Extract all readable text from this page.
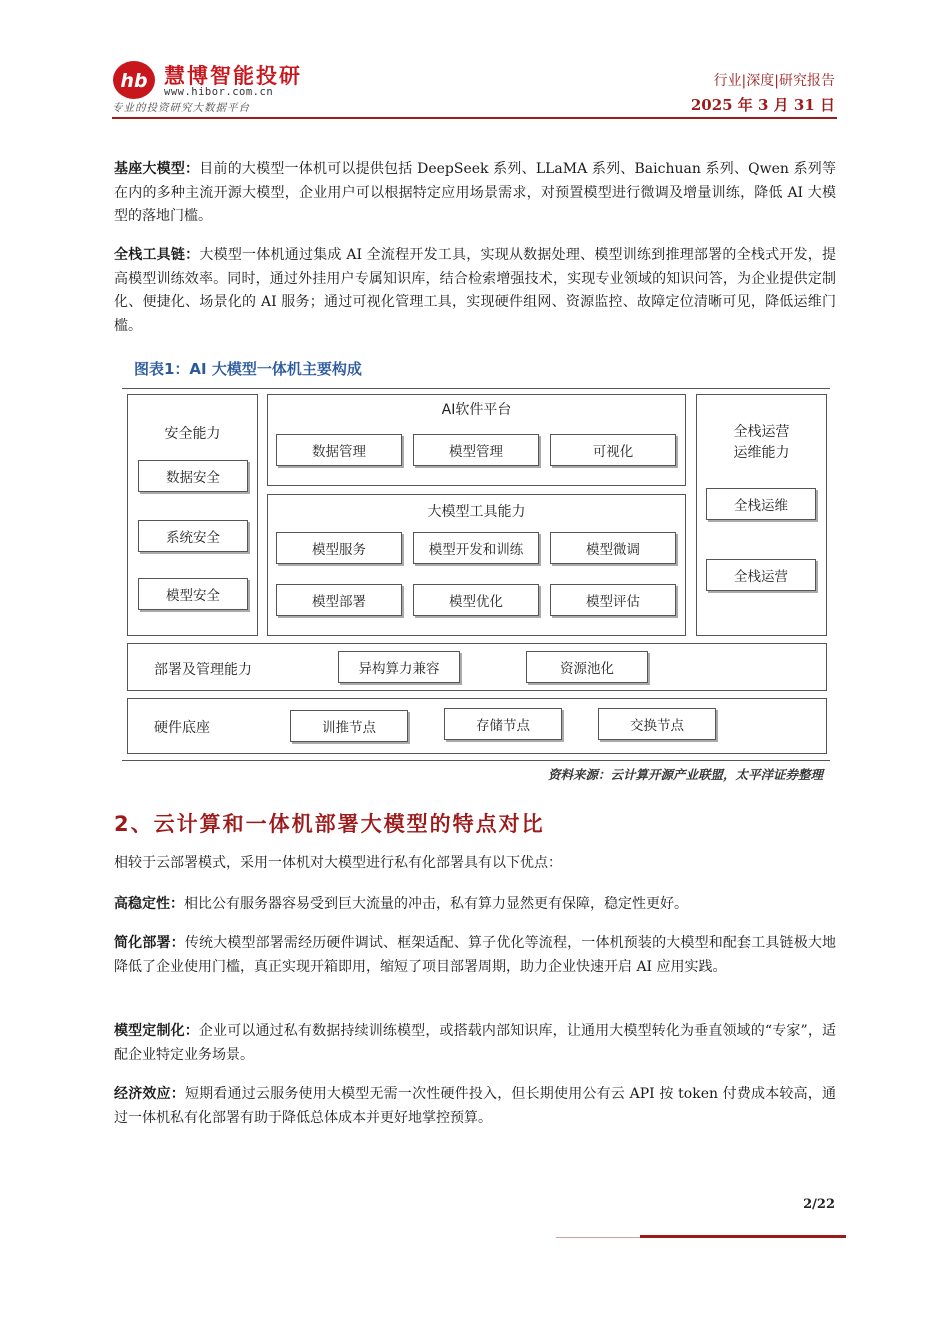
hb 慧博智能投研
www.hibor.com.cn
专业的投资研究大数据平台
行业|深度|研究报告
2025 年 3 月 31 日
基座大模型：目前的大模型一体机可以提供包括 DeepSeek 系列、LLaMA 系列、Baichuan 系列、Qwen 系列等在内的多种主流开源大模型，企业用户可以根据特定应用场景需求，对预置模型进行微调及增量训练，降低 AI 大模型的落地门槛。
全栈工具链：大模型一体机通过集成 AI 全流程开发工具，实现从数据处理、模型训练到推理部署的全栈式开发，提高模型训练效率。同时，通过外挂用户专属知识库，结合检索增强技术，实现专业领域的知识问答，为企业提供定制化、便捷化、场景化的 AI 服务；通过可视化管理工具，实现硬件组网、资源监控、故障定位清晰可见，降低运维门槛。
图表1：AI 大模型一体机主要构成
安全能力
数据安全
系统安全
模型安全
AI软件平台
数据管理	模型管理	可视化
大模型工具能力
模型服务	模型开发和训练	模型微调
模型部署	模型优化	模型评估
全栈运营
运维能力
全栈运维
全栈运营
部署及管理能力	异构算力兼容	资源池化
硬件底座	训推节点	存储节点	交换节点
资料来源：云计算开源产业联盟，太平洋证券整理
2、云计算和一体机部署大模型的特点对比
相较于云部署模式，采用一体机对大模型进行私有化部署具有以下优点：
高稳定性：相比公有服务器容易受到巨大流量的冲击，私有算力显然更有保障，稳定性更好。
简化部署：传统大模型部署需经历硬件调试、框架适配、算子优化等流程，一体机预装的大模型和配套工具链极大地降低了企业使用门槛，真正实现开箱即用，缩短了项目部署周期，助力企业快速开启 AI 应用实践。
模型定制化：企业可以通过私有数据持续训练模型，或搭载内部知识库，让通用大模型转化为垂直领域的“专家”，适配企业特定业务场景。
经济效应：短期看通过云服务使用大模型无需一次性硬件投入，但长期使用公有云 API 按 token 付费成本较高，通过一体机私有化部署有助于降低总体成本并更好地掌控预算。
2/22
